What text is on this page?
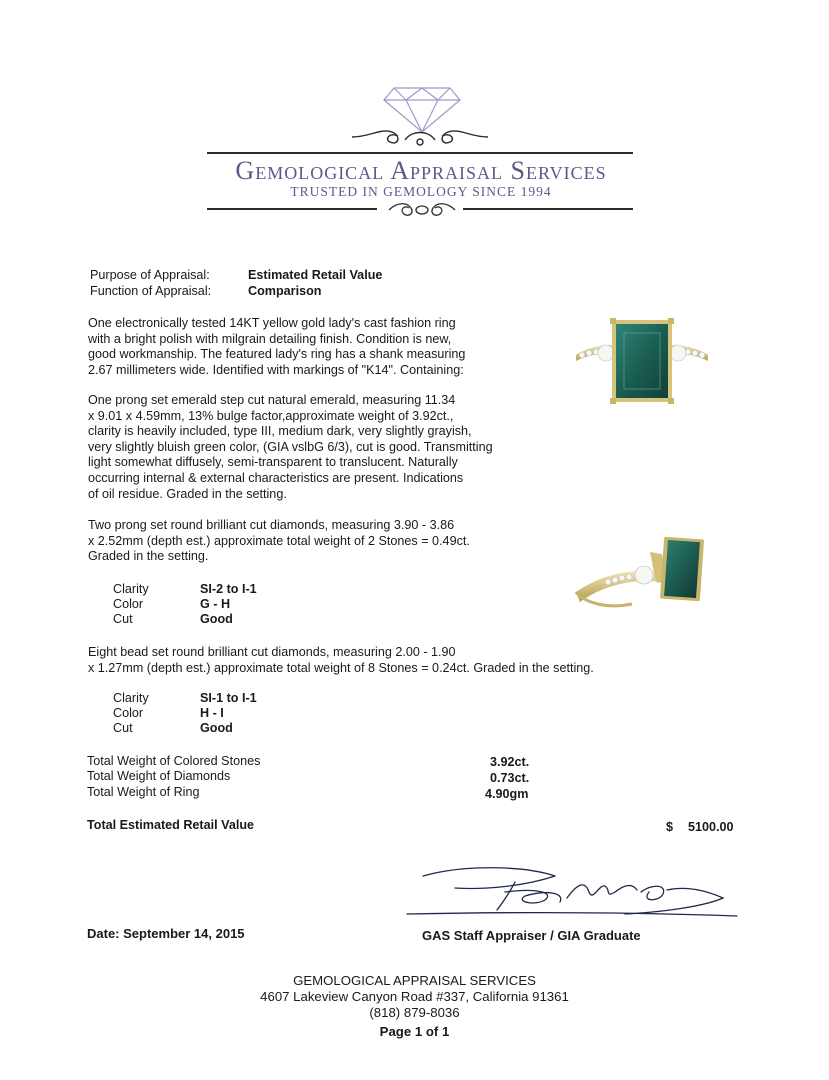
Gemological Appraisal Services
TRUSTED IN GEMOLOGY SINCE 1994
Purpose of Appraisal:	Estimated Retail Value
Function of Appraisal:	Comparison

One electronically tested 14KT yellow gold lady's cast fashion ring

with a bright polish with milgrain detailing finish. Condition is new,

good workmanship. The featured lady's ring has a shank measuring

2.67 millimeters wide. Identified with markings of "K14". Containing:

One prong set emerald step cut natural emerald, measuring 11.34

x 9.01 x 4.59mm, 13% bulge factor,approximate weight of 3.92ct.,

clarity is heavily included, type III, medium dark, very slightly grayish,

very slightly bluish green color, (GIA vslbG 6/3), cut is good. Transmitting

light somewhat diffusely, semi-transparent to translucent. Naturally

occurring internal & external characteristics are present. Indications

of oil residue. Graded in the setting.

Two prong set round brilliant cut diamonds, measuring 3.90 - 3.86

x 2.52mm (depth est.) approximate total weight of 2 Stones = 0.49ct.

Graded in the setting.

Clarity	SI-2 to I-1
Color	G - H
Cut	Good

Eight bead set round brilliant cut diamonds, measuring 2.00 - 1.90

x 1.27mm (depth est.) approximate total weight of 8 Stones = 0.24ct. Graded in the setting.

Clarity	SI-1 to I-1
Color	H - I
Cut	Good
Total Weight of Colored Stones	3.92ct.
Total Weight of Diamonds	0.73ct.
Total Weight of Ring	4.90gm
Total Estimated Retail Value	$ 5100.00
Date: September 14, 2015	GAS Staff Appraiser / GIA Graduate
GEMOLOGICAL APPRAISAL SERVICES
4607 Lakeview Canyon Road #337, California 91361
(818) 879-8036
Page 1 of 1
